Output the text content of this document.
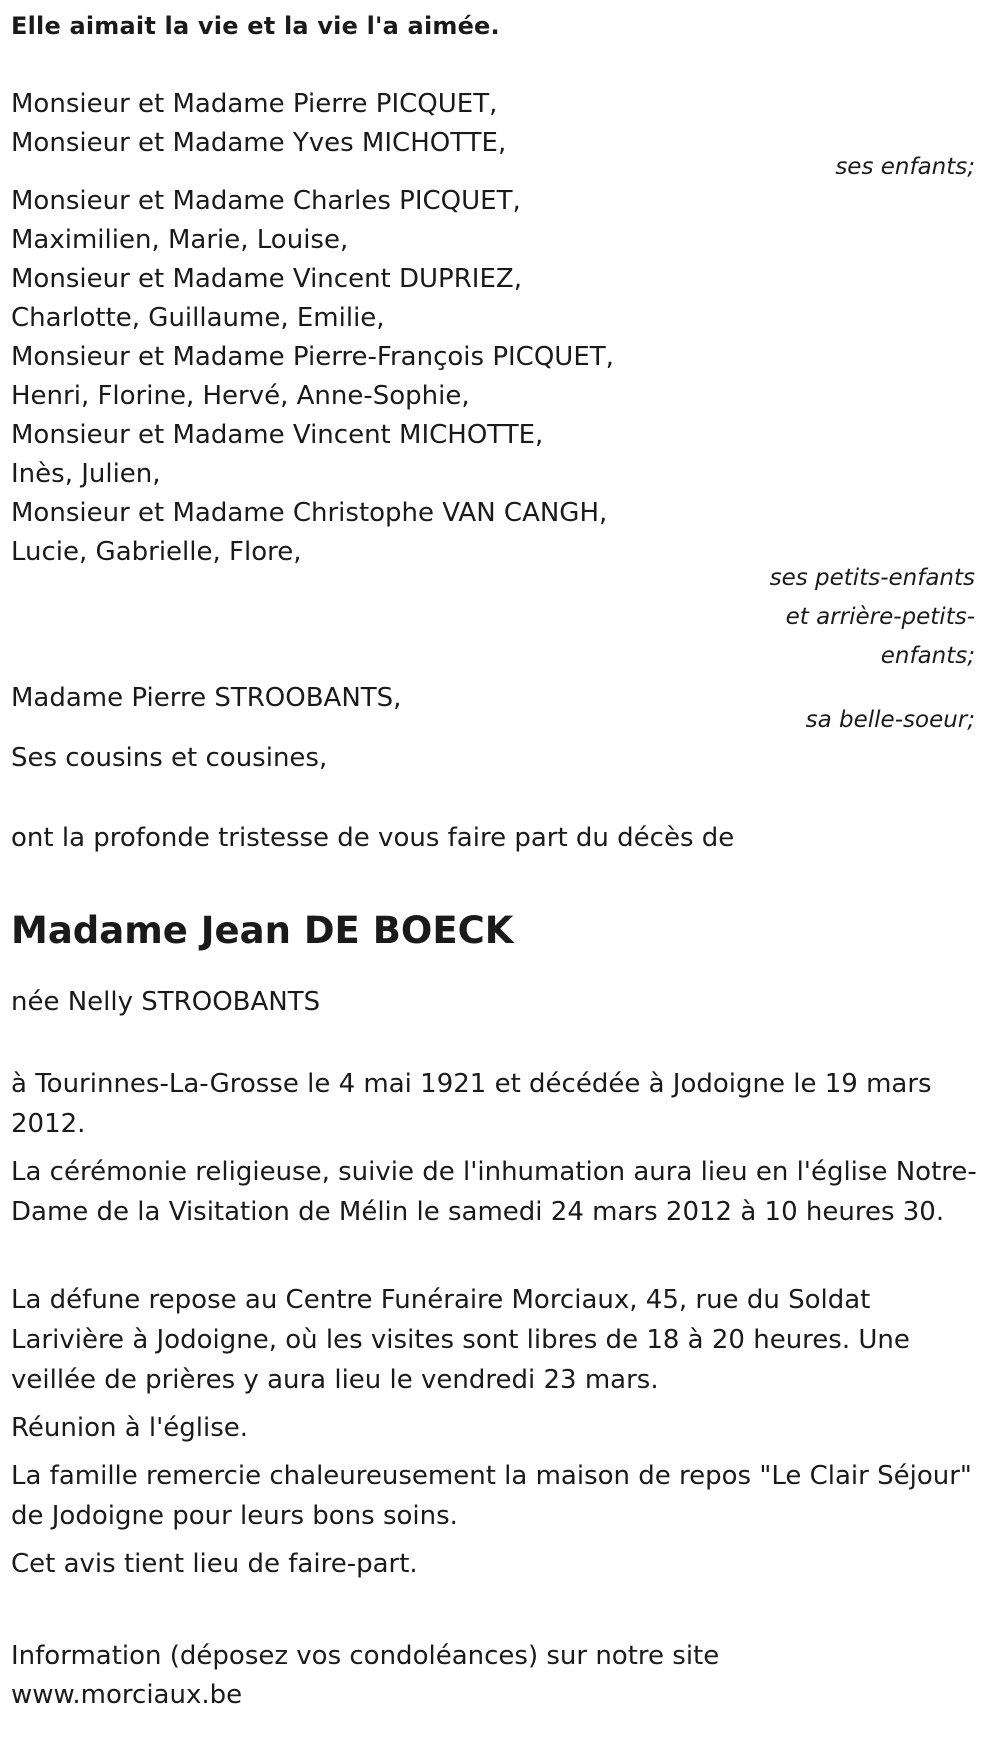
Elle aimait la vie et la vie l'a aimée.
Monsieur et Madame Pierre PICQUET,
Monsieur et Madame Yves MICHOTTE,
ses enfants;
Monsieur et Madame Charles PICQUET,
Maximilien, Marie, Louise,
Monsieur et Madame Vincent DUPRIEZ,
Charlotte, Guillaume, Emilie,
Monsieur et Madame Pierre-François PICQUET,
Henri, Florine, Hervé, Anne-Sophie,
Monsieur et Madame Vincent MICHOTTE,
Inès, Julien,
Monsieur et Madame Christophe VAN CANGH,
Lucie, Gabrielle, Flore,
ses petits-enfants
et arrière-petits-
enfants;
Madame Pierre STROOBANTS,
sa belle-soeur;
Ses cousins et cousines,
ont la profonde tristesse de vous faire part du décès de
Madame Jean DE BOECK
née Nelly STROOBANTS
à Tourinnes-La-Grosse le 4 mai 1921 et décédée à Jodoigne le 19 mars 2012.
La cérémonie religieuse, suivie de l'inhumation aura lieu en l'église Notre-Dame de la Visitation de Mélin le samedi 24 mars 2012 à 10 heures 30.
La défune repose au Centre Funéraire Morciaux, 45, rue du Soldat Larivière à Jodoigne, où les visites sont libres de 18 à 20 heures. Une veillée de prières y aura lieu le vendredi 23 mars.
Réunion à l'église.
La famille remercie chaleureusement la maison de repos "Le Clair Séjour" de Jodoigne pour leurs bons soins.
Cet avis tient lieu de faire-part.
Information (déposez vos condoléances) sur notre site
www.morciaux.be
